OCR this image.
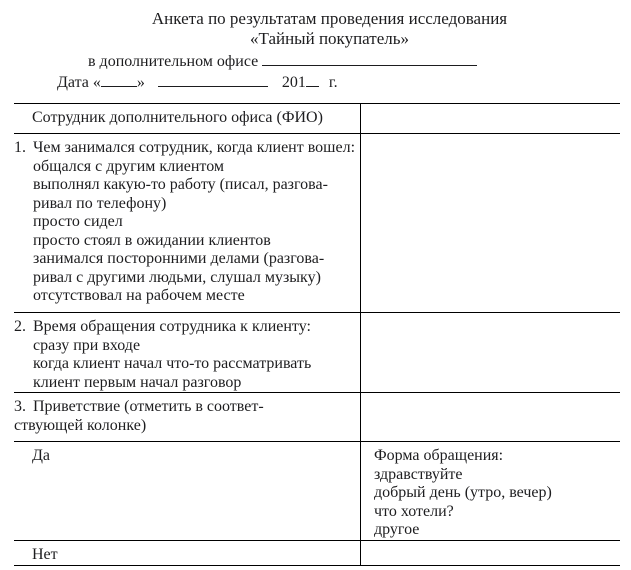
Анкета по результатам проведения исследования
«Тайный покупатель»
в дополнительном офисе
Дата « »	201 г.
Сотрудник дополнительного офиса (ФИО)
1. Чем занимался сотрудник, когда клиент вошел:
общался с другим клиентом
выполнял какую-то работу (писал, разгова-
ривал по телефону)
просто сидел
просто стоял в ожидании клиентов
занимался посторонними делами (разгова-
ривал с другими людьми, слушал музыку)
отсутствовал на рабочем месте
2. Время обращения сотрудника к клиенту:
сразу при входе
когда клиент начал что-то рассматривать
клиент первым начал разговор
3. Приветствие (отметить в соответ-
ствующей колонке)
Да	Форма обращения:
здравствуйте
добрый день (утро, вечер)
что хотели?
другое
Нет
